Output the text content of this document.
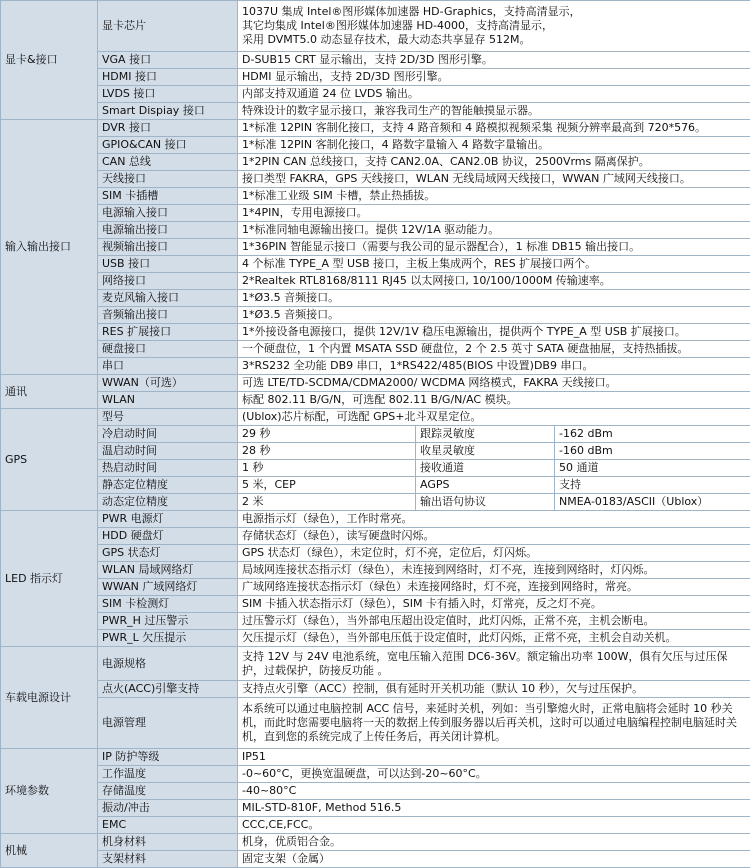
显卡&接口	显卡芯片	1037U 集成 Intel®图形媒体加速器 HD-Graphics，支持高清显示，
其它均集成 Intel®图形媒体加速器 HD-4000，支持高清显示，
采用 DVMT5.0 动态显存技术，最大动态共享显存 512M。		

	VGA 接口	D-SUB15 CRT 显示输出，支持 2D/3D 图形引擎。		
	HDMI 接口	HDMI 显示输出，支持 2D/3D 图形引擎。		
	LVDS 接口	内部支持双通道 24 位 LVDS 输出。		
	Smart Dispiay 接口	特殊设计的数字显示接口，兼容我司生产的智能触摸显示器。		
输入输出接口	DVR 接口	1*标准 12PIN 客制化接口，支持 4 路音频和 4 路模拟视频采集 视频分辨率最高到 720*576。		
	GPIO&CAN 接口	1*标准 12PIN 客制化接口，4 路数字量输入 4 路数字量输出。		
	CAN 总线	1*2PIN CAN 总线接口，支持 CAN2.0A、CAN2.0B 协议，2500Vrms 隔离保护。		
	天线接口	接口类型 FAKRA，GPS 天线接口，WLAN 无线局域网天线接口，WWAN 广域网天线接口。		
	SIM 卡插槽	1*标准工业级 SIM 卡槽，禁止热插拔。		
	电源输入接口	1*4PIN，专用电源接口。		
	电源输出接口	1*标准同轴电源输出接口。提供 12V/1A 驱动能力。		
	视频输出接口	1*36PIN 智能显示接口（需要与我公司的显示器配合），1 标准 DB15 输出接口。		
	USB 接口	4 个标准 TYPE_A 型 USB 接口，主板上集成两个，RES 扩展接口两个。		
	网络接口	2*Realtek RTL8168/8111 RJ45 以太网接口, 10/100/1000M 传输速率。		
	麦克风输入接口	1*Ø3.5 音频接口。		
	音频输出接口	1*Ø3.5 音频接口。		
	RES 扩展接口	1*外接设备电源接口，提供 12V/1V 稳压电源输出，提供两个 TYPE_A 型 USB 扩展接口。		
	硬盘接口	一个硬盘位，1 个内置 MSATA SSD 硬盘位，2 个 2.5 英寸 SATA 硬盘抽屉，支持热插拔。		
	串口	3*RS232 全功能 DB9 串口，1*RS422/485(BIOS 中设置)DB9 串口。		
通讯	WWAN（可选）	可选 LTE/TD-SCDMA/CDMA2000/ WCDMA 网络模式，FAKRA 天线接口。		
	WLAN	标配 802.11 B/G/N，可选配 802.11 B/G/N/AC 模块。		
GPS	型号	(Ublox)芯片标配，可选配 GPS+北斗双星定位。		
	冷启动时间	29 秒	跟踪灵敏度	-162 dBm
	温启动时间	28 秒	收星灵敏度	-160 dBm
	热启动时间	1 秒	接收通道	50 通道
	静态定位精度	5 米，CEP	AGPS	支持
	动态定位精度	2 米	输出语句协议	NMEA-0183/ASCII（Ublox）
LED 指示灯	PWR 电源灯	电源指示灯（绿色），工作时常亮。		
	HDD 硬盘灯	存储状态灯（绿色），读写硬盘时闪烁。		
	GPS 状态灯	GPS 状态灯（绿色），未定位时，灯不亮，定位后，灯闪烁。		
	WLAN 局域网络灯	局域网连接状态指示灯（绿色），未连接到网络时，灯不亮，连接到网络时，灯闪烁。		
	WWAN 广域网络灯	广域网络连接状态指示灯（绿色）未连接网络时，灯不亮，连接到网络时，常亮。		
	SIM 卡检测灯	SIM 卡插入状态指示灯（绿色），SIM 卡有插入时，灯常亮，反之灯不亮。		
	PWR_H 过压警示	过压警示灯（绿色），当外部电压超出设定值时，此灯闪烁，正常不亮，主机会断电。		
	PWR_L 欠压提示	欠压提示灯（绿色），当外部电压低于设定值时，此灯闪烁，正常不亮，主机会自动关机。		
车载电源设计	电源规格	支持 12V 与 24V 电池系统，宽电压输入范围 DC6-36V。额定输出功率 100W，俱有欠压与过压保护，过载保护，防接反功能 。		
	点火(ACC)引擎支持	支持点火引擎（ACC）控制，俱有延时开关机功能（默认 10 秒），欠与过压保护。		
	电源管理	本系统可以通过电脑控制 ACC 信号，来延时关机，列如：当引擎熄火时，正常电脑将会延时 10 秒关机，而此时您需要电脑将一天的数据上传到服务器以后再关机，这时可以通过电脑编程控制电脑延时关机，直到您的系统完成了上传任务后，再关闭计算机。		
环境参数	IP 防护等级	IP51		
	工作温度	-0~60°C，更换宽温硬盘，可以达到-20~60°C。		
	存储温度	-40~80°C		
	振动/冲击	MIL-STD-810F, Method 516.5		
	EMC	CCC,CE,FCC。		
机械	机身材料	机身，优质铝合金。		
	支架材料	固定支架（金属）		
